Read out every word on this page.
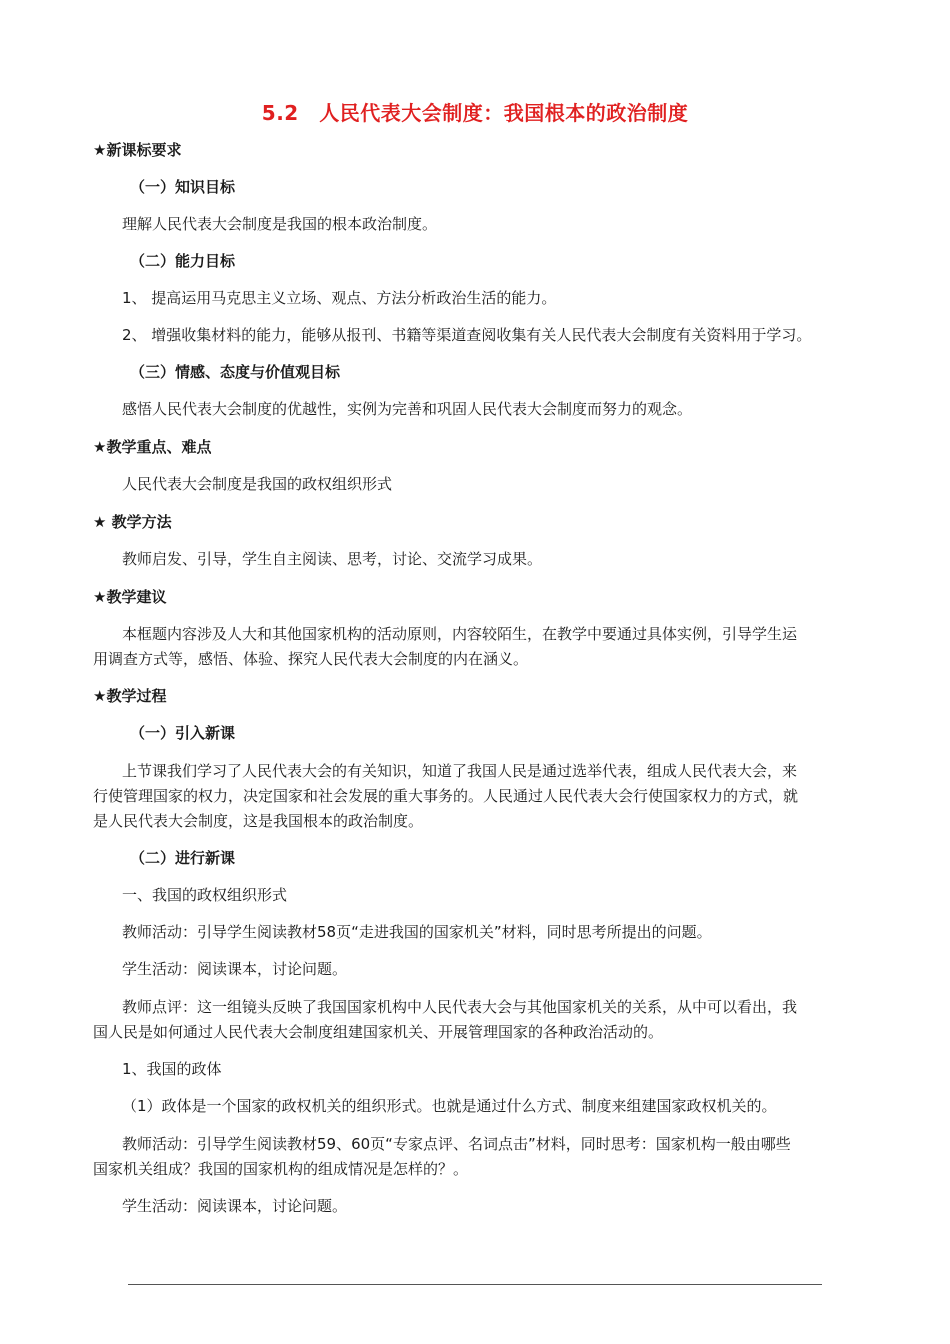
5.2　人民代表大会制度：我国根本的政治制度
★新课标要求
（一）知识目标
理解人民代表大会制度是我国的根本政治制度。
（二）能力目标
1、 提高运用马克思主义立场、观点、方法分析政治生活的能力。
2、 增强收集材料的能力，能够从报刊、书籍等渠道查阅收集有关人民代表大会制度有关资料用于学习。
（三）情感、态度与价值观目标
感悟人民代表大会制度的优越性，实例为完善和巩固人民代表大会制度而努力的观念。
★教学重点、难点
人民代表大会制度是我国的政权组织形式
★ 教学方法
教师启发、引导，学生自主阅读、思考，讨论、交流学习成果。
★教学建议
本框题内容涉及人大和其他国家机构的活动原则，内容较陌生，在教学中要通过具体实例，引导学生运
用调查方式等，感悟、体验、探究人民代表大会制度的内在涵义。
★教学过程
（一）引入新课
上节课我们学习了人民代表大会的有关知识，知道了我国人民是通过选举代表，组成人民代表大会，来
行使管理国家的权力，决定国家和社会发展的重大事务的。人民通过人民代表大会行使国家权力的方式，就
是人民代表大会制度，这是我国根本的政治制度。
（二）进行新课
一、我国的政权组织形式
教师活动：引导学生阅读教材58页“走进我国的国家机关”材料，同时思考所提出的问题。
学生活动：阅读课本，讨论问题。
教师点评：这一组镜头反映了我国国家机构中人民代表大会与其他国家机关的关系，从中可以看出，我
国人民是如何通过人民代表大会制度组建国家机关、开展管理国家的各种政治活动的。
1、我国的政体
（1）政体是一个国家的政权机关的组织形式。也就是通过什么方式、制度来组建国家政权机关的。
教师活动：引导学生阅读教材59、60页“专家点评、名词点击”材料，同时思考：国家机构一般由哪些
国家机关组成？我国的国家机构的组成情况是怎样的？。
学生活动：阅读课本，讨论问题。
